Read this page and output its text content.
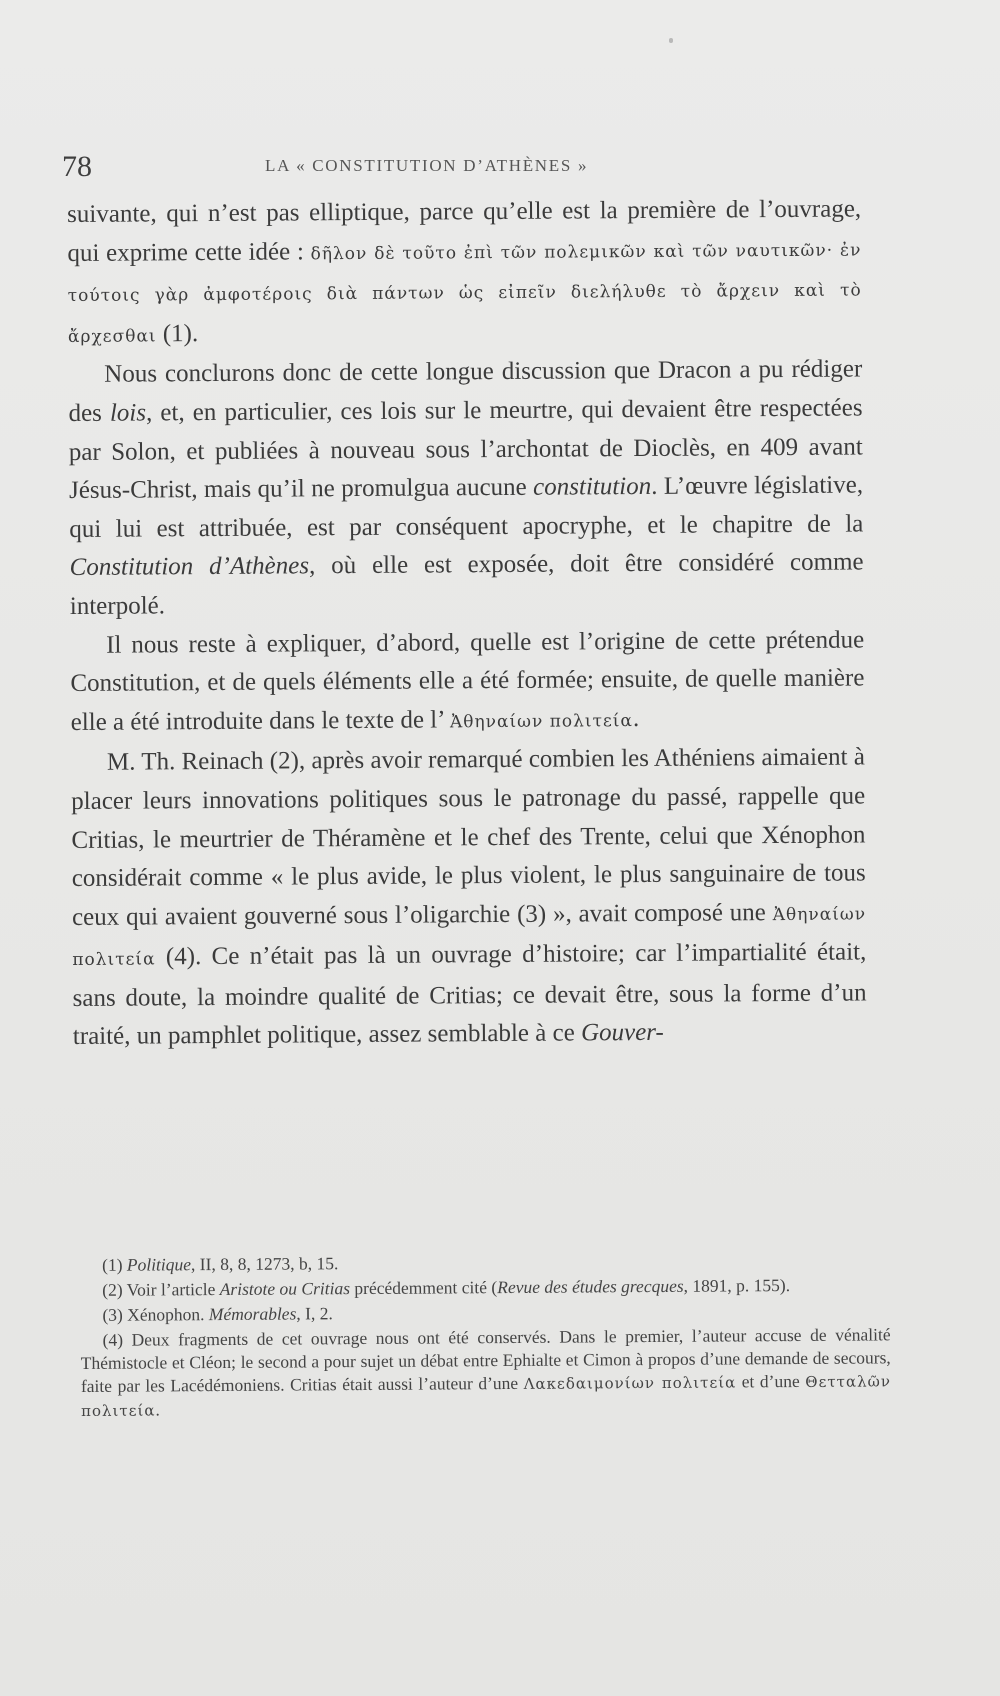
78	LA « CONSTITUTION D’ATHÈNES »

suivante, qui n’est pas elliptique, parce qu’elle est la première de l’ouvrage, qui exprime cette idée : δῆλον δὲ τοῦτο ἐπὶ τῶν πολεμικῶν καὶ τῶν ναυτικῶν· ἐν τούτοις γὰρ ἀμφοτέροις διὰ πάντων ὡς εἰπεῖν διελήλυθε τὸ ἄρχειν καὶ τὸ ἄρχεσθαι (1).

Nous conclurons donc de cette longue discussion que Dracon a pu rédiger des lois, et, en particulier, ces lois sur le meurtre, qui devaient être respectées par Solon, et publiées à nouveau sous l’archontat de Dioclès, en 409 avant Jésus-Christ, mais qu’il ne promulgua aucune constitution. L’œuvre législative, qui lui est attribuée, est par conséquent apocryphe, et le chapitre de la Constitution d’Athènes, où elle est exposée, doit être considéré comme interpolé.

Il nous reste à expliquer, d’abord, quelle est l’origine de cette prétendue Constitution, et de quels éléments elle a été formée; ensuite, de quelle manière elle a été introduite dans le texte de l’ Ἀθηναίων πολιτεία.

M. Th. Reinach (2), après avoir remarqué combien les Athéniens aimaient à placer leurs innovations politiques sous le patronage du passé, rappelle que Critias, le meurtrier de Théramène et le chef des Trente, celui que Xénophon considérait comme « le plus avide, le plus violent, le plus sanguinaire de tous ceux qui avaient gouverné sous l’oligarchie (3) », avait composé une Ἀθηναίων πολιτεία (4). Ce n’était pas là un ouvrage d’histoire; car l’impartialité était, sans doute, la moindre qualité de Critias; ce devait être, sous la forme d’un traité, un pamphlet politique, assez semblable à ce Gouver-

(1) Politique, II, 8, 8, 1273, b, 15.

(2) Voir l’article Aristote ou Critias précédemment cité (Revue des études grecques, 1891, p. 155).

(3) Xénophon. Mémorables, I, 2.

(4) Deux fragments de cet ouvrage nous ont été conservés. Dans le premier, l’auteur accuse de vénalité Thémistocle et Cléon; le second a pour sujet un débat entre Ephialte et Cimon à propos d’une demande de secours, faite par les Lacédémoniens. Critias était aussi l’auteur d’une Λακεδαιμονίων πολιτεία et d’une Θετταλῶν πολιτεία.
